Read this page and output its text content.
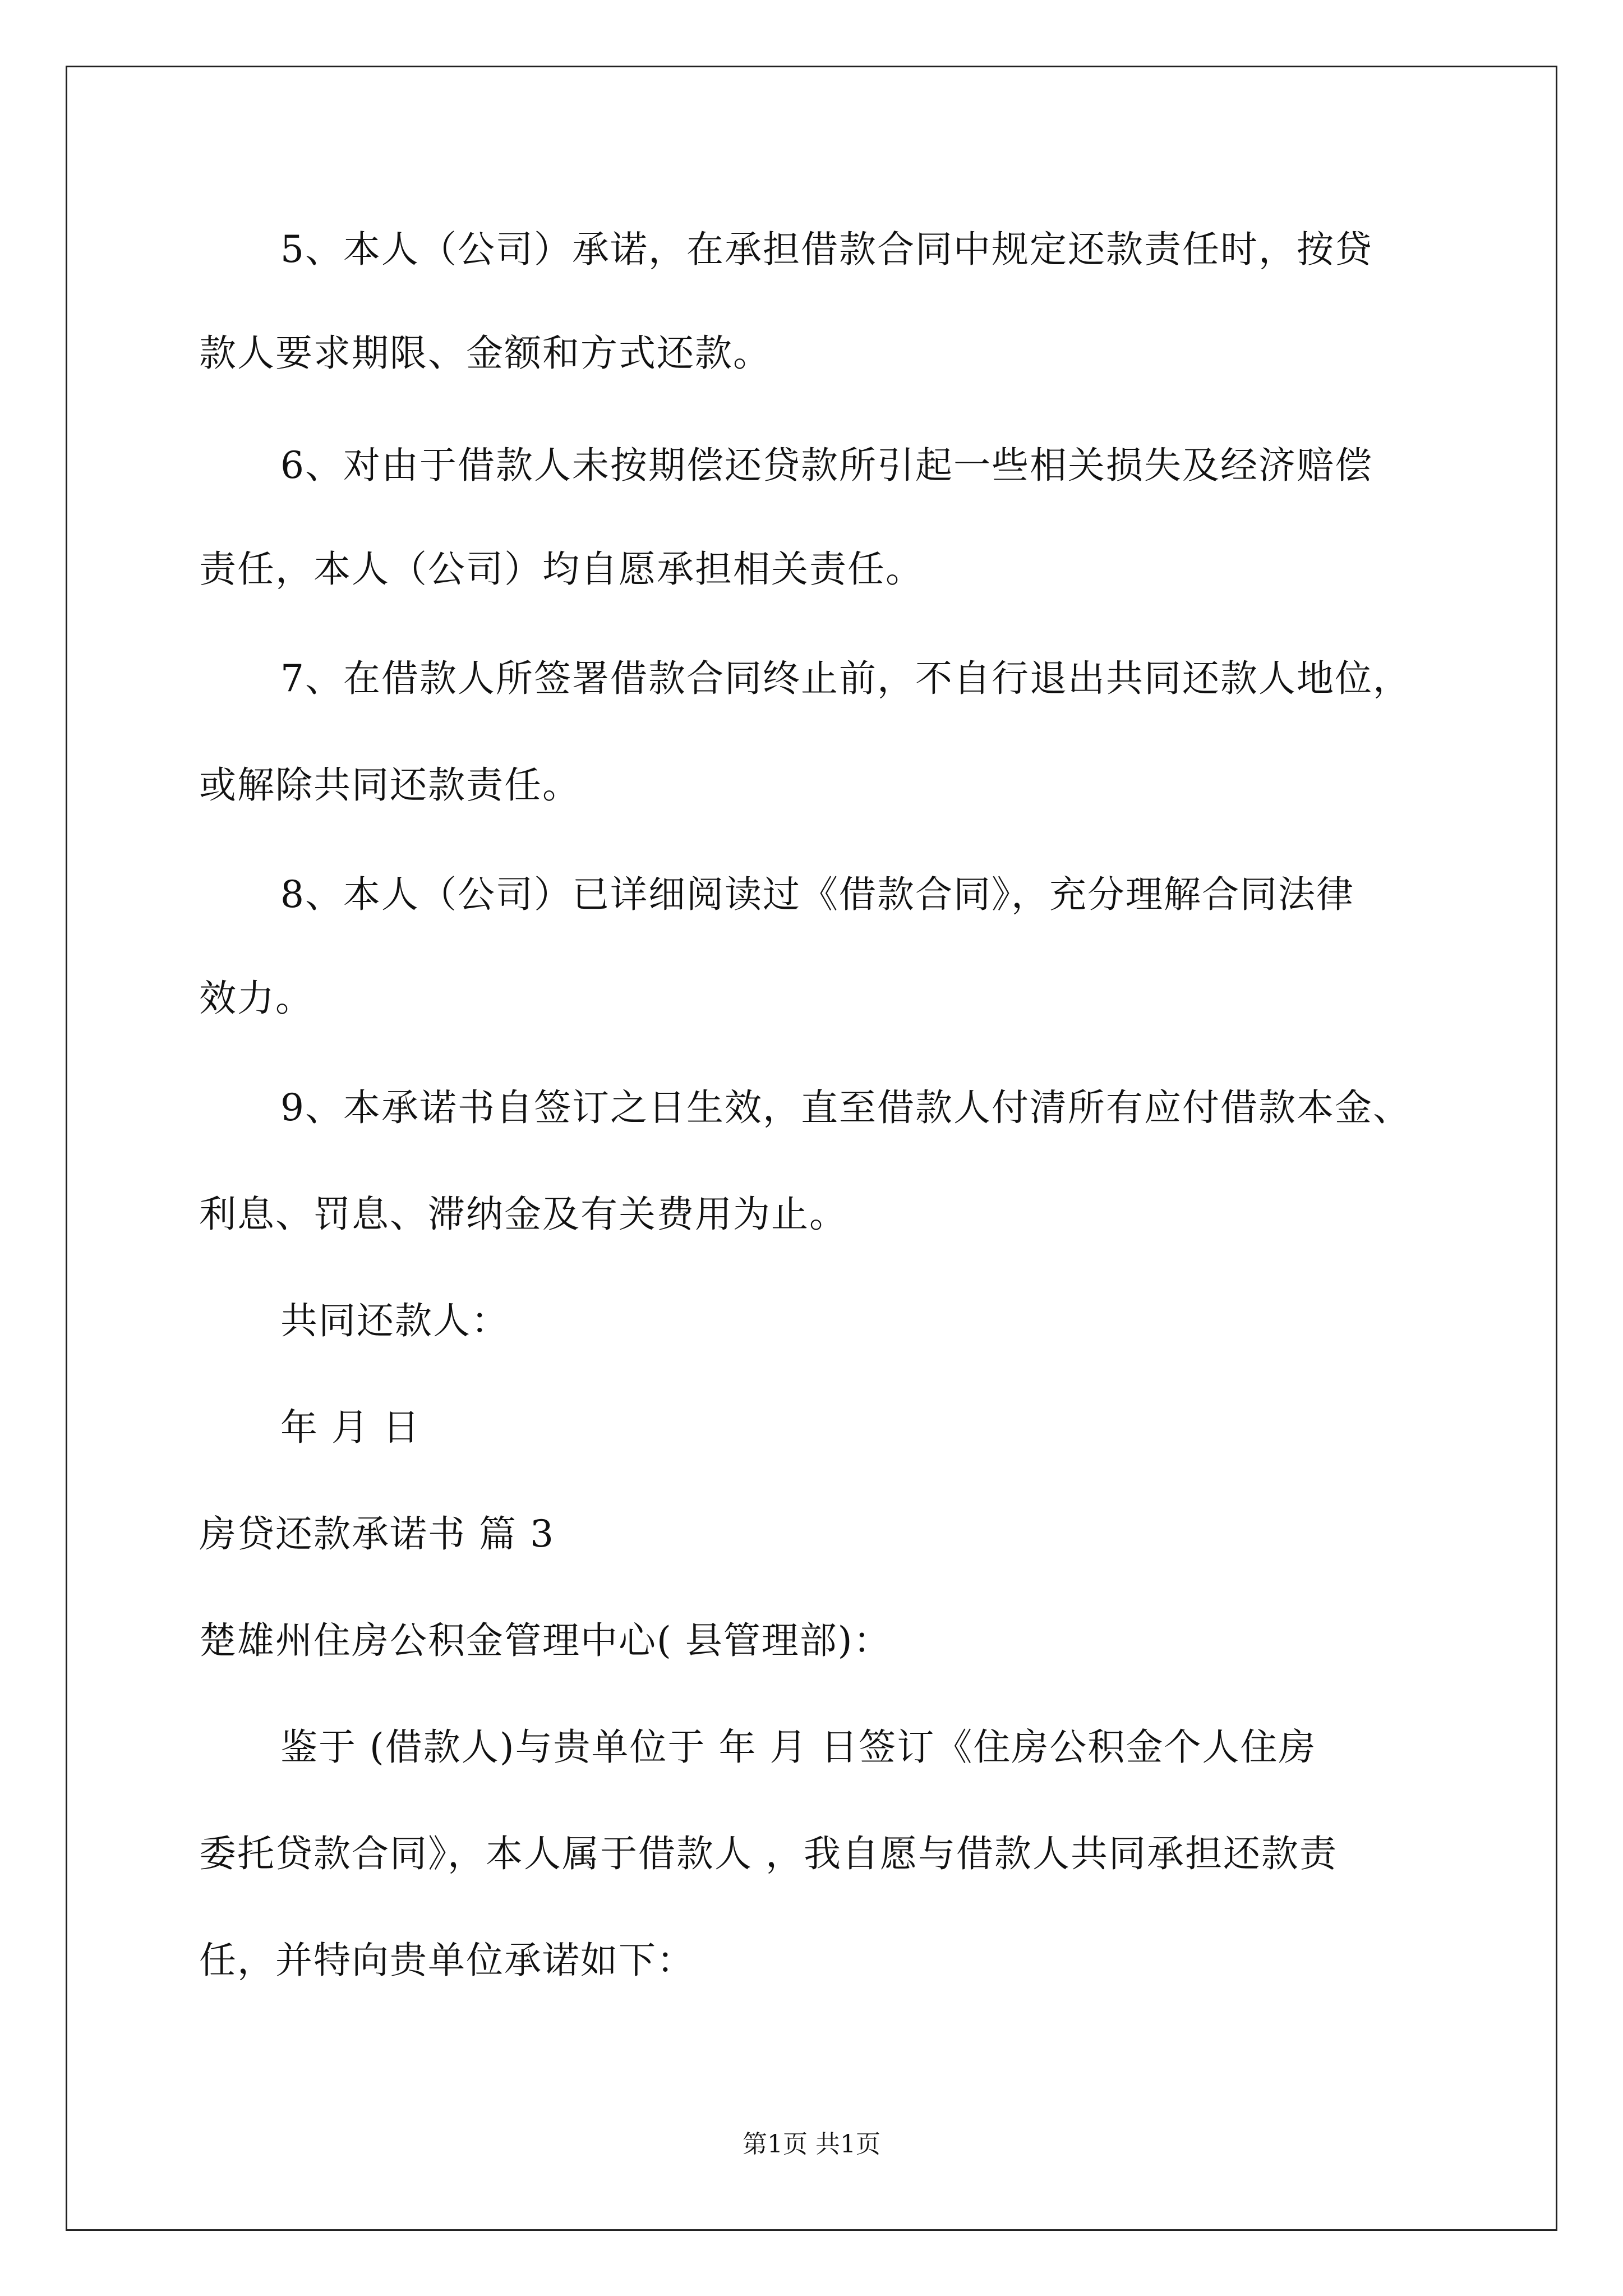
5、本人（公司）承诺，在承担借款合同中规定还款责任时，按贷
款人要求期限、金额和方式还款。
6、对由于借款人未按期偿还贷款所引起一些相关损失及经济赔偿
责任，本人（公司）均自愿承担相关责任。
7、在借款人所签署借款合同终止前，不自行退出共同还款人地位，
或解除共同还款责任。
8、本人（公司）已详细阅读过《借款合同》，充分理解合同法律
效力。
9、本承诺书自签订之日生效，直至借款人付清所有应付借款本金、
利息、罚息、滞纳金及有关费用为止。
共同还款人：
年 月 日
房贷还款承诺书 篇 3
楚雄州住房公积金管理中心( 县管理部)：
鉴于 (借款人)与贵单位于 年 月 日签订《住房公积金个人住房
委托贷款合同》，本人属于借款人 ，我自愿与借款人共同承担还款责
任，并特向贵单位承诺如下：
第1页 共1页
